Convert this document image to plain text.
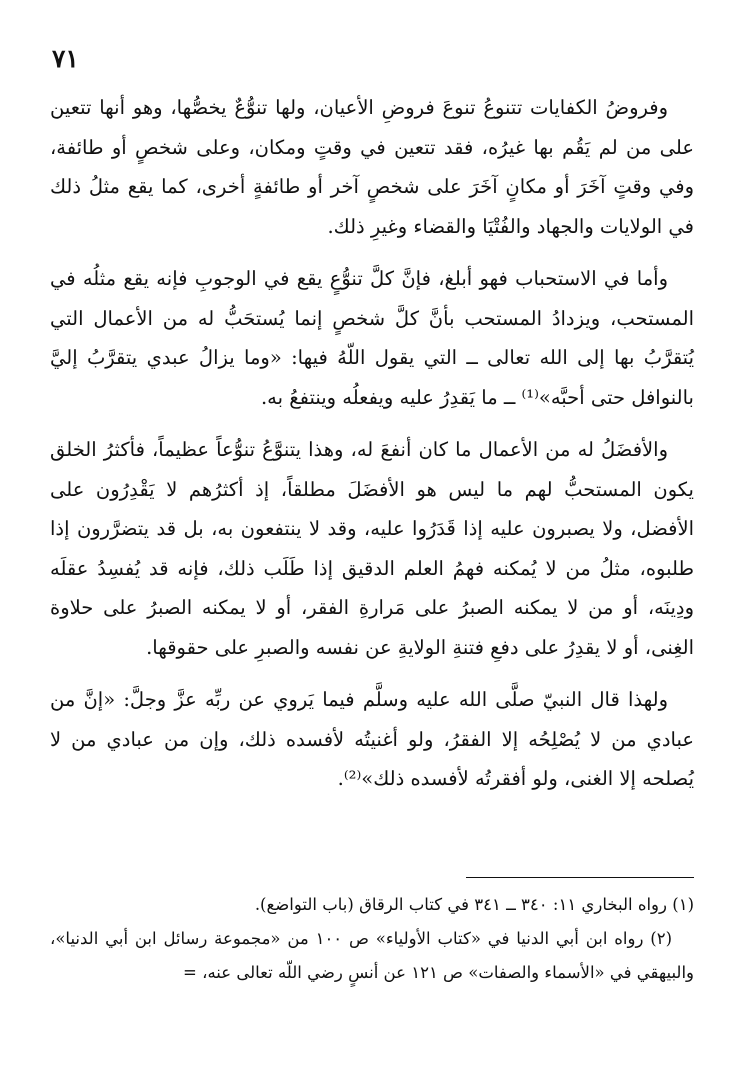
٧١

وفروضُ الكفايات تتنوعُ تنوعَ فروضِ الأعيان، ولها تنوُّعٌ يخصُّها، وهو أنها تتعين على من لم يَقُم بها غيرُه، فقد تتعين في وقتٍ ومكان، وعلى شخصٍ أو طائفة، وفي وقتٍ آخَرَ أو مكانٍ آخَرَ على شخصٍ آخر أو طائفةٍ أخرى، كما يقع مثلُ ذلك في الولايات والجهاد والفُتْيَا والقضاء وغيرِ ذلك.

وأما في الاستحباب فهو أبلغ، فإنَّ كلَّ تنوُّعٍ يقع في الوجوبِ فإنه يقع مثلُه في المستحب، ويزدادُ المستحب بأنَّ كلَّ شخصٍ إنما يُستحَبُّ له من الأعمال التي يُتقرَّبُ بها إلى الله تعالى ــ التي يقول اللّهُ فيها: «وما يزالُ عبدي يتقرَّبُ إليَّ بالنوافل حتى أحبَّه»⁽¹⁾ ــ ما يَقدِرُ عليه ويفعلُه وينتفعُ به.

والأفضَلُ له من الأعمال ما كان أنفعَ له، وهذا يتنوَّعُ تنوُّعاً عظيماً، فأكثرُ الخلق يكون المستحبُّ لهم ما ليس هو الأفضَلَ مطلقاً، إذ أكثرُهم لا يَقْدِرُون على الأفضل، ولا يصبرون عليه إذا قَدَرُوا عليه، وقد لا ينتفعون به، بل قد يتضرَّرون إذا طلبوه، مثلُ من لا يُمكنه فهمُ العلم الدقيق إذا طَلَب ذلك، فإنه قد يُفسِدُ عقلَه ودِينَه، أو من لا يمكنه الصبرُ على مَرارةِ الفقر، أو لا يمكنه الصبرُ على حلاوة الغِنى، أو لا يقدِرُ على دفعِ فتنةِ الولايةِ عن نفسه والصبرِ على حقوقها.

ولهذا قال النبيّ صلَّى الله عليه وسلَّم فيما يَروي عن ربِّه عزَّ وجلَّ: «إنَّ من عبادي من لا يُصْلِحُه إلا الفقرُ، ولو أغنيتُه لأفسده ذلك، وإن من عبادي من لا يُصلحه إلا الغنى، ولو أفقرتُه لأفسده ذلك»⁽²⁾.

(١) رواه البخاري ١١: ٣٤٠ ــ ٣٤١ في كتاب الرقاق (باب التواضع).

(٢) رواه ابن أبي الدنيا في «كتاب الأولياء» ص ١٠٠ من «مجموعة رسائل ابن أبي الدنيا»، والبيهقي في «الأسماء والصفات» ص ١٢١ عن أنسٍ رضي اللّه تعالى عنه، =
